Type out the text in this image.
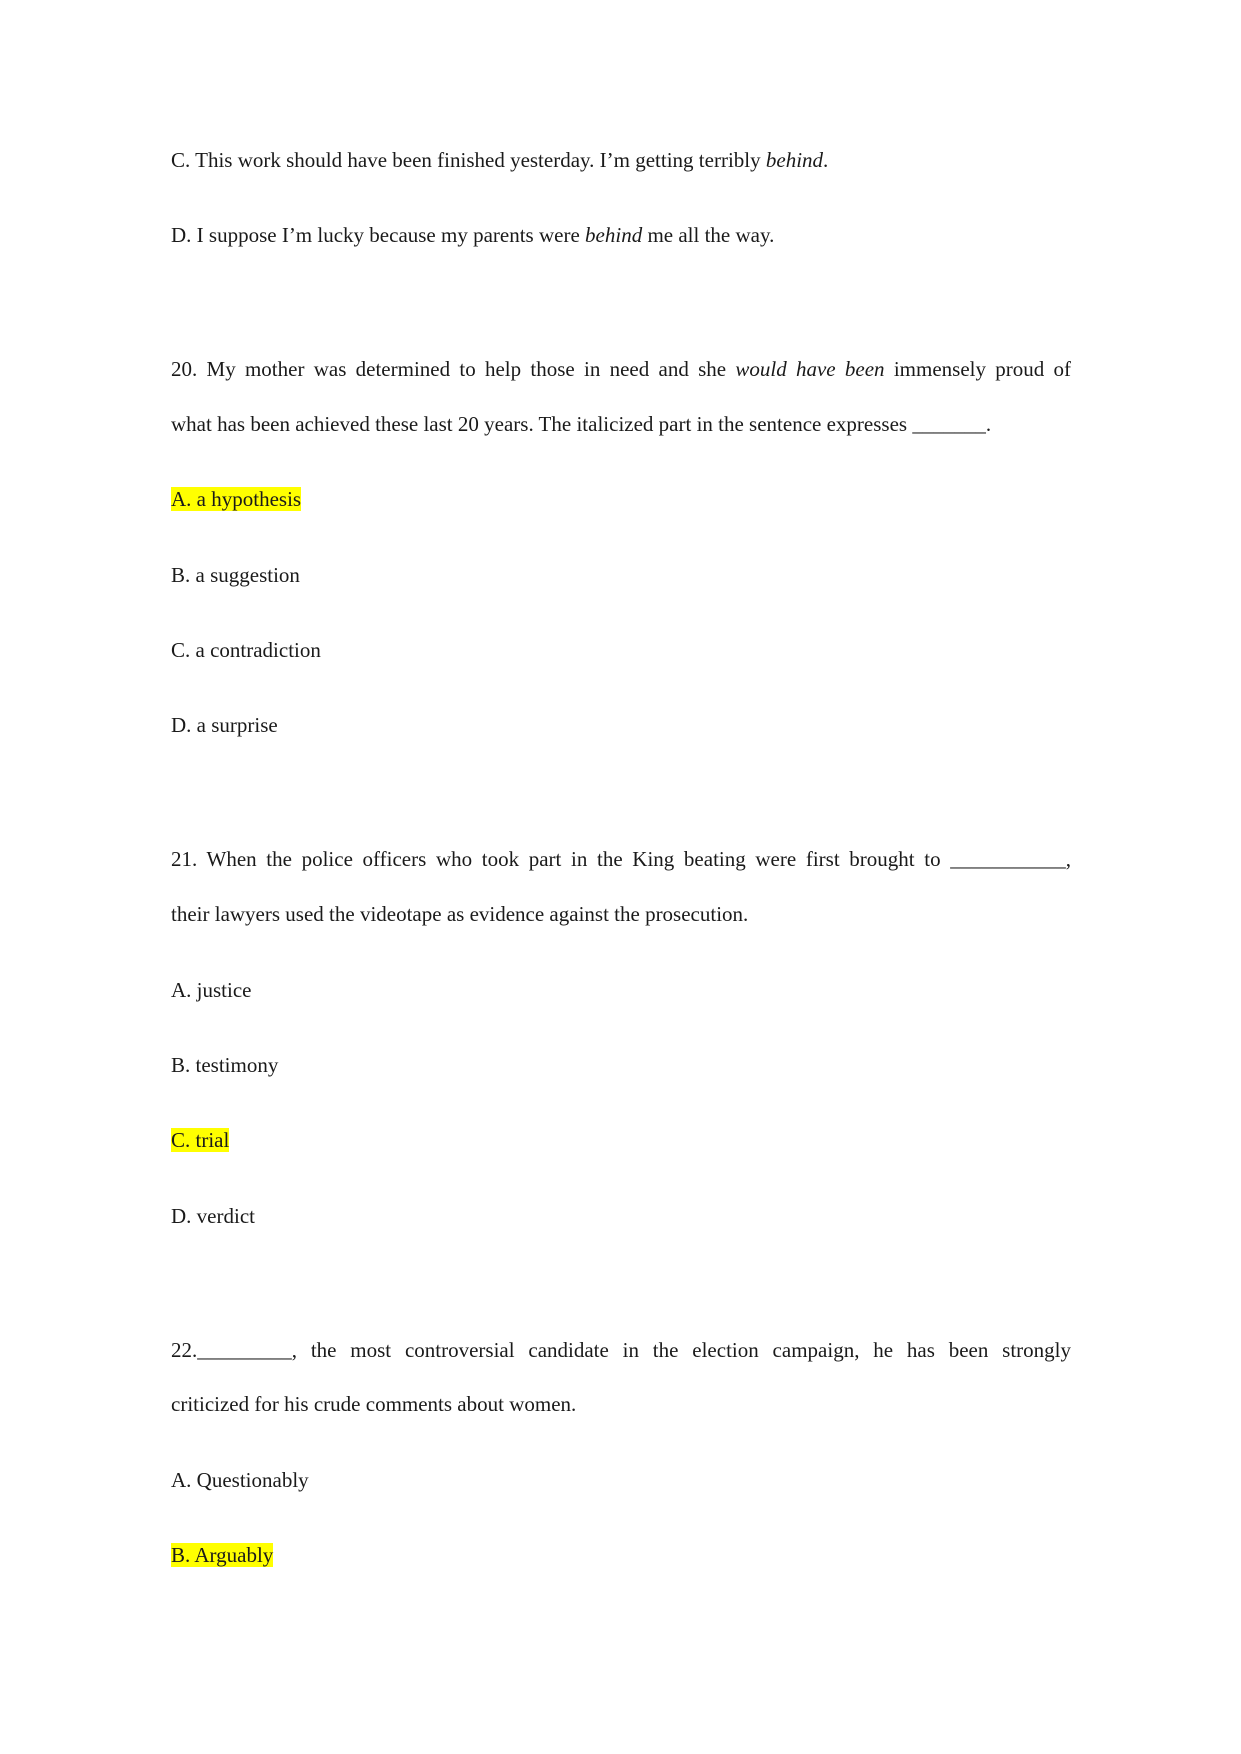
C. This work should have been finished yesterday. I’m getting terribly behind.
D. I suppose I’m lucky because my parents were behind me all the way.
20. My mother was determined to help those in need and she would have been immensely proud of
what has been achieved these last 20 years. The italicized part in the sentence expresses _______.
A. a hypothesis
B. a suggestion
C. a contradiction
D. a surprise
21. When the police officers who took part in the King beating were first brought to ___________,
their lawyers used the videotape as evidence against the prosecution.
A. justice
B. testimony
C. trial
D. verdict
22._________, the most controversial candidate in the election campaign, he has been strongly
criticized for his crude comments about women.
A. Questionably
B. Arguably
